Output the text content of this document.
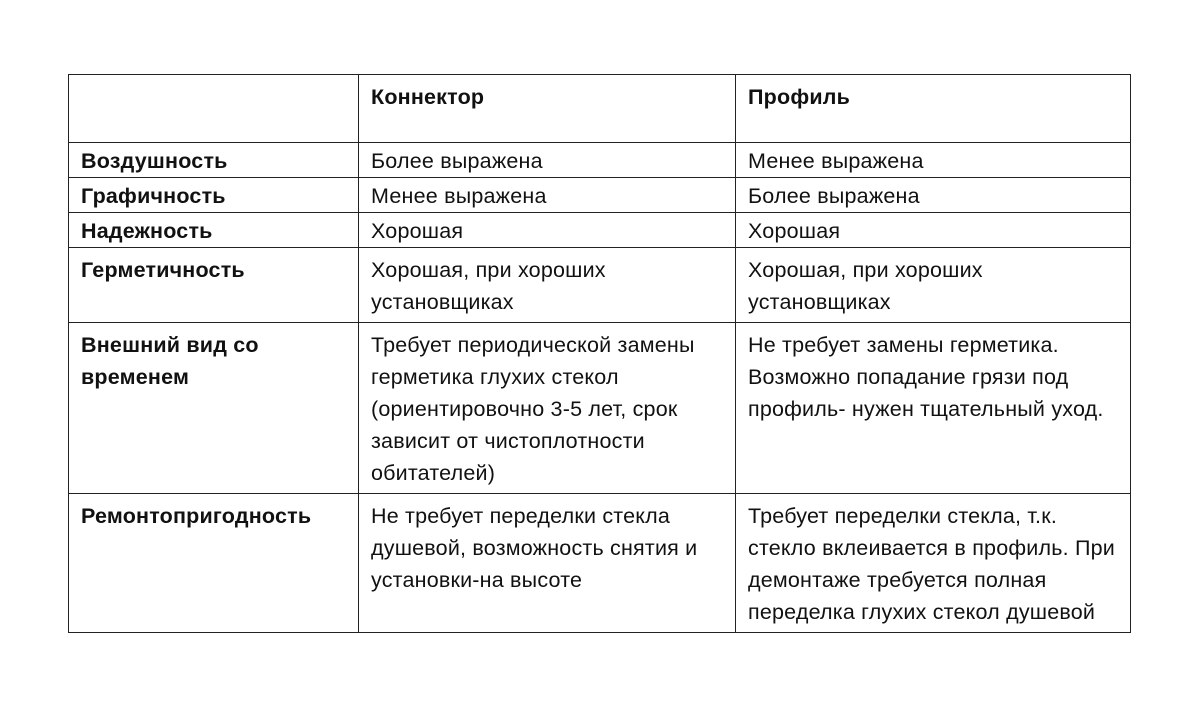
	Коннектор	Профиль
Воздушность	Более выражена	Менее выражена
Графичность	Менее выражена	Более выражена
Надежность	Хорошая	Хорошая
Герметичность	Хорошая, при хороших установщиках	Хорошая, при хороших установщиках
Внешний вид со временем	Требует периодической замены герметика глухих стекол (ориентировочно 3-5 лет, срок зависит от чистоплотности обитателей)	Не требует замены герметика. Возможно попадание грязи под профиль- нужен тщательный уход.
Ремонтопригодность	Не требует переделки стекла душевой, возможность снятия и установки-на высоте	Требует переделки стекла, т.к. стекло вклеивается в профиль. При демонтаже требуется полная переделка глухих стекол душевой
